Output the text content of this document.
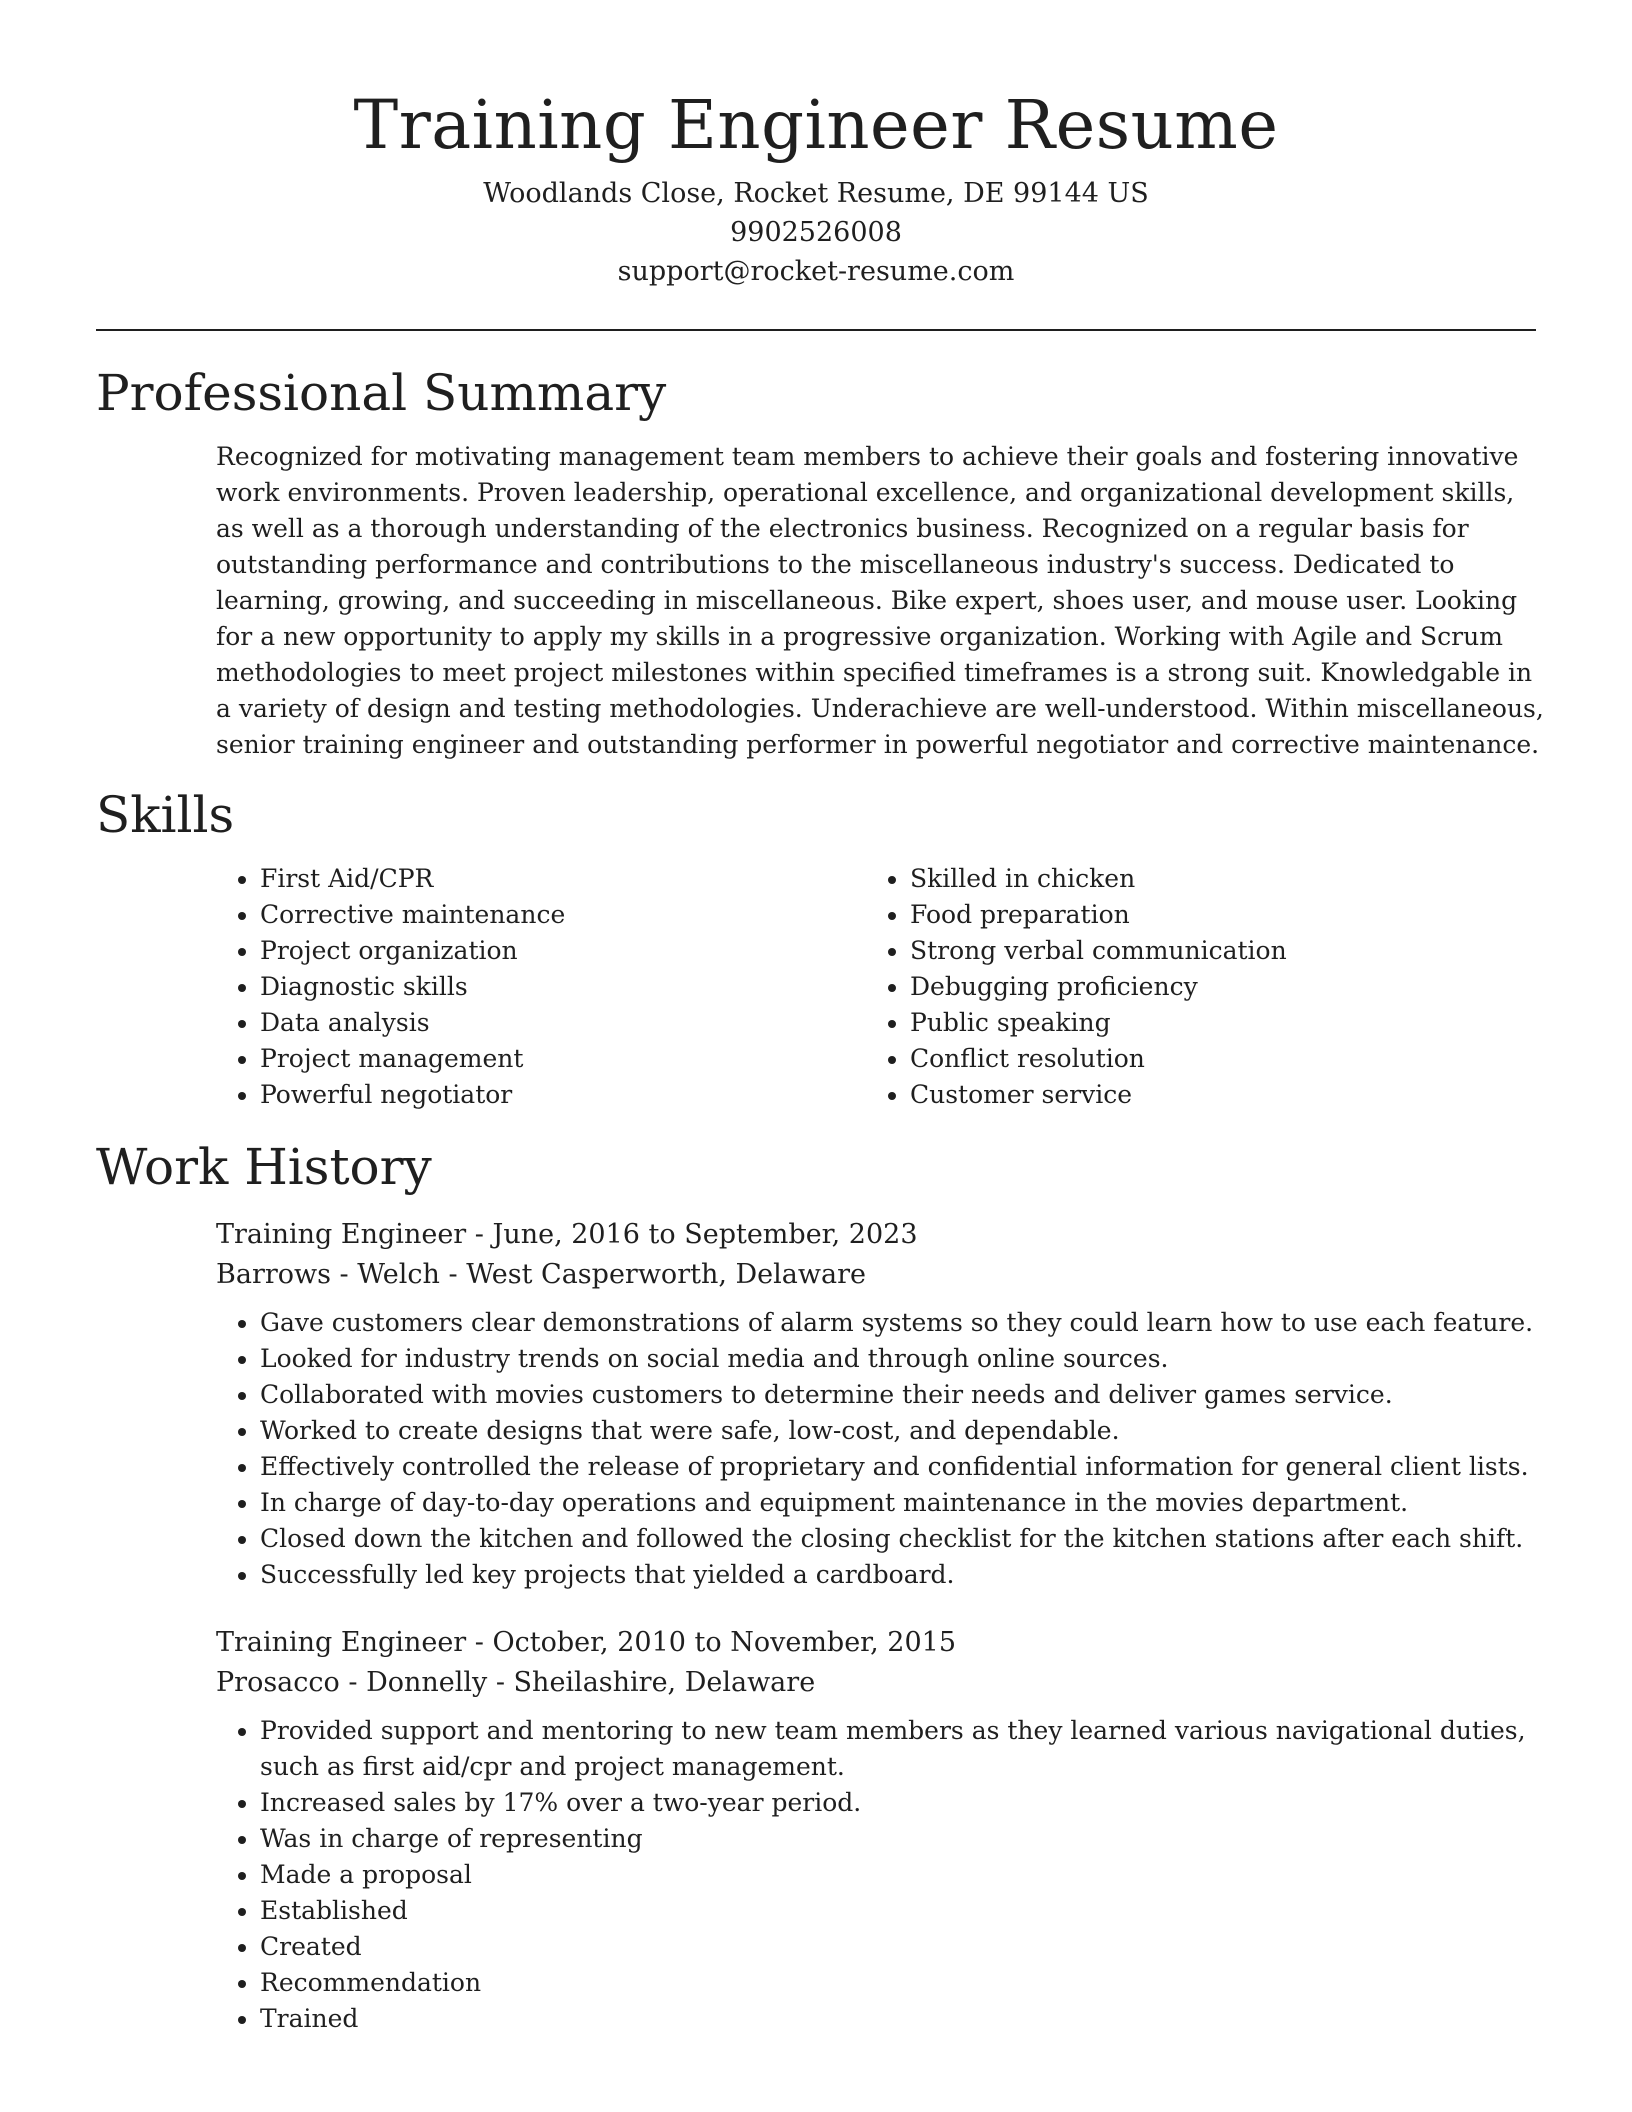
Training Engineer Resume

Woodlands Close, Rocket Resume, DE 99144 US

9902526008

support@rocket-resume.com

Professional Summary

Recognized for motivating management team members to achieve their goals and fostering innovative work environments. Proven leadership, operational excellence, and organizational development skills, as well as a thorough understanding of the electronics business. Recognized on a regular basis for outstanding performance and contributions to the miscellaneous industry's success. Dedicated to learning, growing, and succeeding in miscellaneous. Bike expert, shoes user, and mouse user. Looking for a new opportunity to apply my skills in a progressive organization. Working with Agile and Scrum methodologies to meet project milestones within specified timeframes is a strong suit. Knowledgable in a variety of design and testing methodologies. Underachieve are well-understood. Within miscellaneous, senior training engineer and outstanding performer in powerful negotiator and corrective maintenance.

Skills
• First Aid/CPR
• Corrective maintenance
• Project organization
• Diagnostic skills
• Data analysis
• Project management
• Powerful negotiator
• Skilled in chicken
• Food preparation
• Strong verbal communication
• Debugging proficiency
• Public speaking
• Conflict resolution
• Customer service
Work History

Training Engineer - June, 2016 to September, 2023

Barrows - Welch - West Casperworth, Delaware

• Gave customers clear demonstrations of alarm systems so they could learn how to use each feature.
• Looked for industry trends on social media and through online sources.
• Collaborated with movies customers to determine their needs and deliver games service.
• Worked to create designs that were safe, low-cost, and dependable.
• Effectively controlled the release of proprietary and confidential information for general client lists.
• In charge of day-to-day operations and equipment maintenance in the movies department.
• Closed down the kitchen and followed the closing checklist for the kitchen stations after each shift.
• Successfully led key projects that yielded a cardboard.

Training Engineer - October, 2010 to November, 2015

Prosacco - Donnelly - Sheilashire, Delaware

• Provided support and mentoring to new team members as they learned various navigational duties, such as first aid/cpr and project management.
• Increased sales by 17% over a two-year period.
• Was in charge of representing
• Made a proposal
• Established
• Created
• Recommendation
• Trained
